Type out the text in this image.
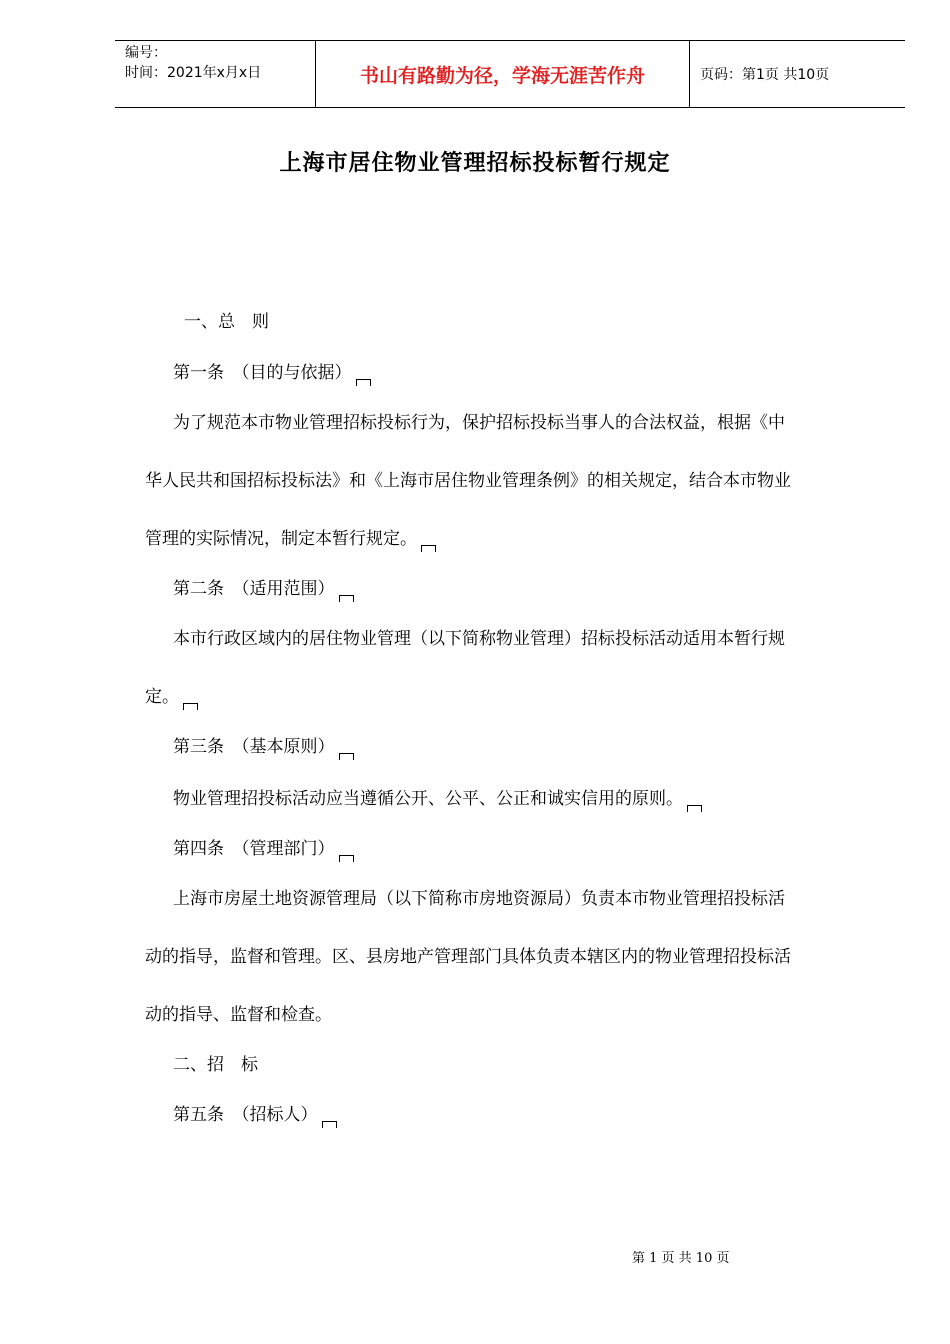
编号：
时间：2021年x月x日	书山有路勤为径，学海无涯苦作舟	页码：第1页 共10页
上海市居住物业管理招标投标暂行规定
一、总　则
第一条　（目的与依据）
为了规范本市物业管理招标投标行为，保护招标投标当事人的合法权益，根据《中
华人民共和国招标投标法》和《上海市居住物业管理条例》的相关规定，结合本市物业
管理的实际情况，制定本暂行规定。
第二条　（适用范围）
本市行政区域内的居住物业管理（以下简称物业管理）招标投标活动适用本暂行规
定。
第三条　（基本原则）
物业管理招投标活动应当遵循公开、公平、公正和诚实信用的原则。
第四条　（管理部门）
上海市房屋土地资源管理局（以下简称市房地资源局）负责本市物业管理招投标活
动的指导，监督和管理。区、县房地产管理部门具体负责本辖区内的物业管理招投标活
动的指导、监督和检查。
二、招　标
第五条　（招标人）
第 1 页 共 10 页
